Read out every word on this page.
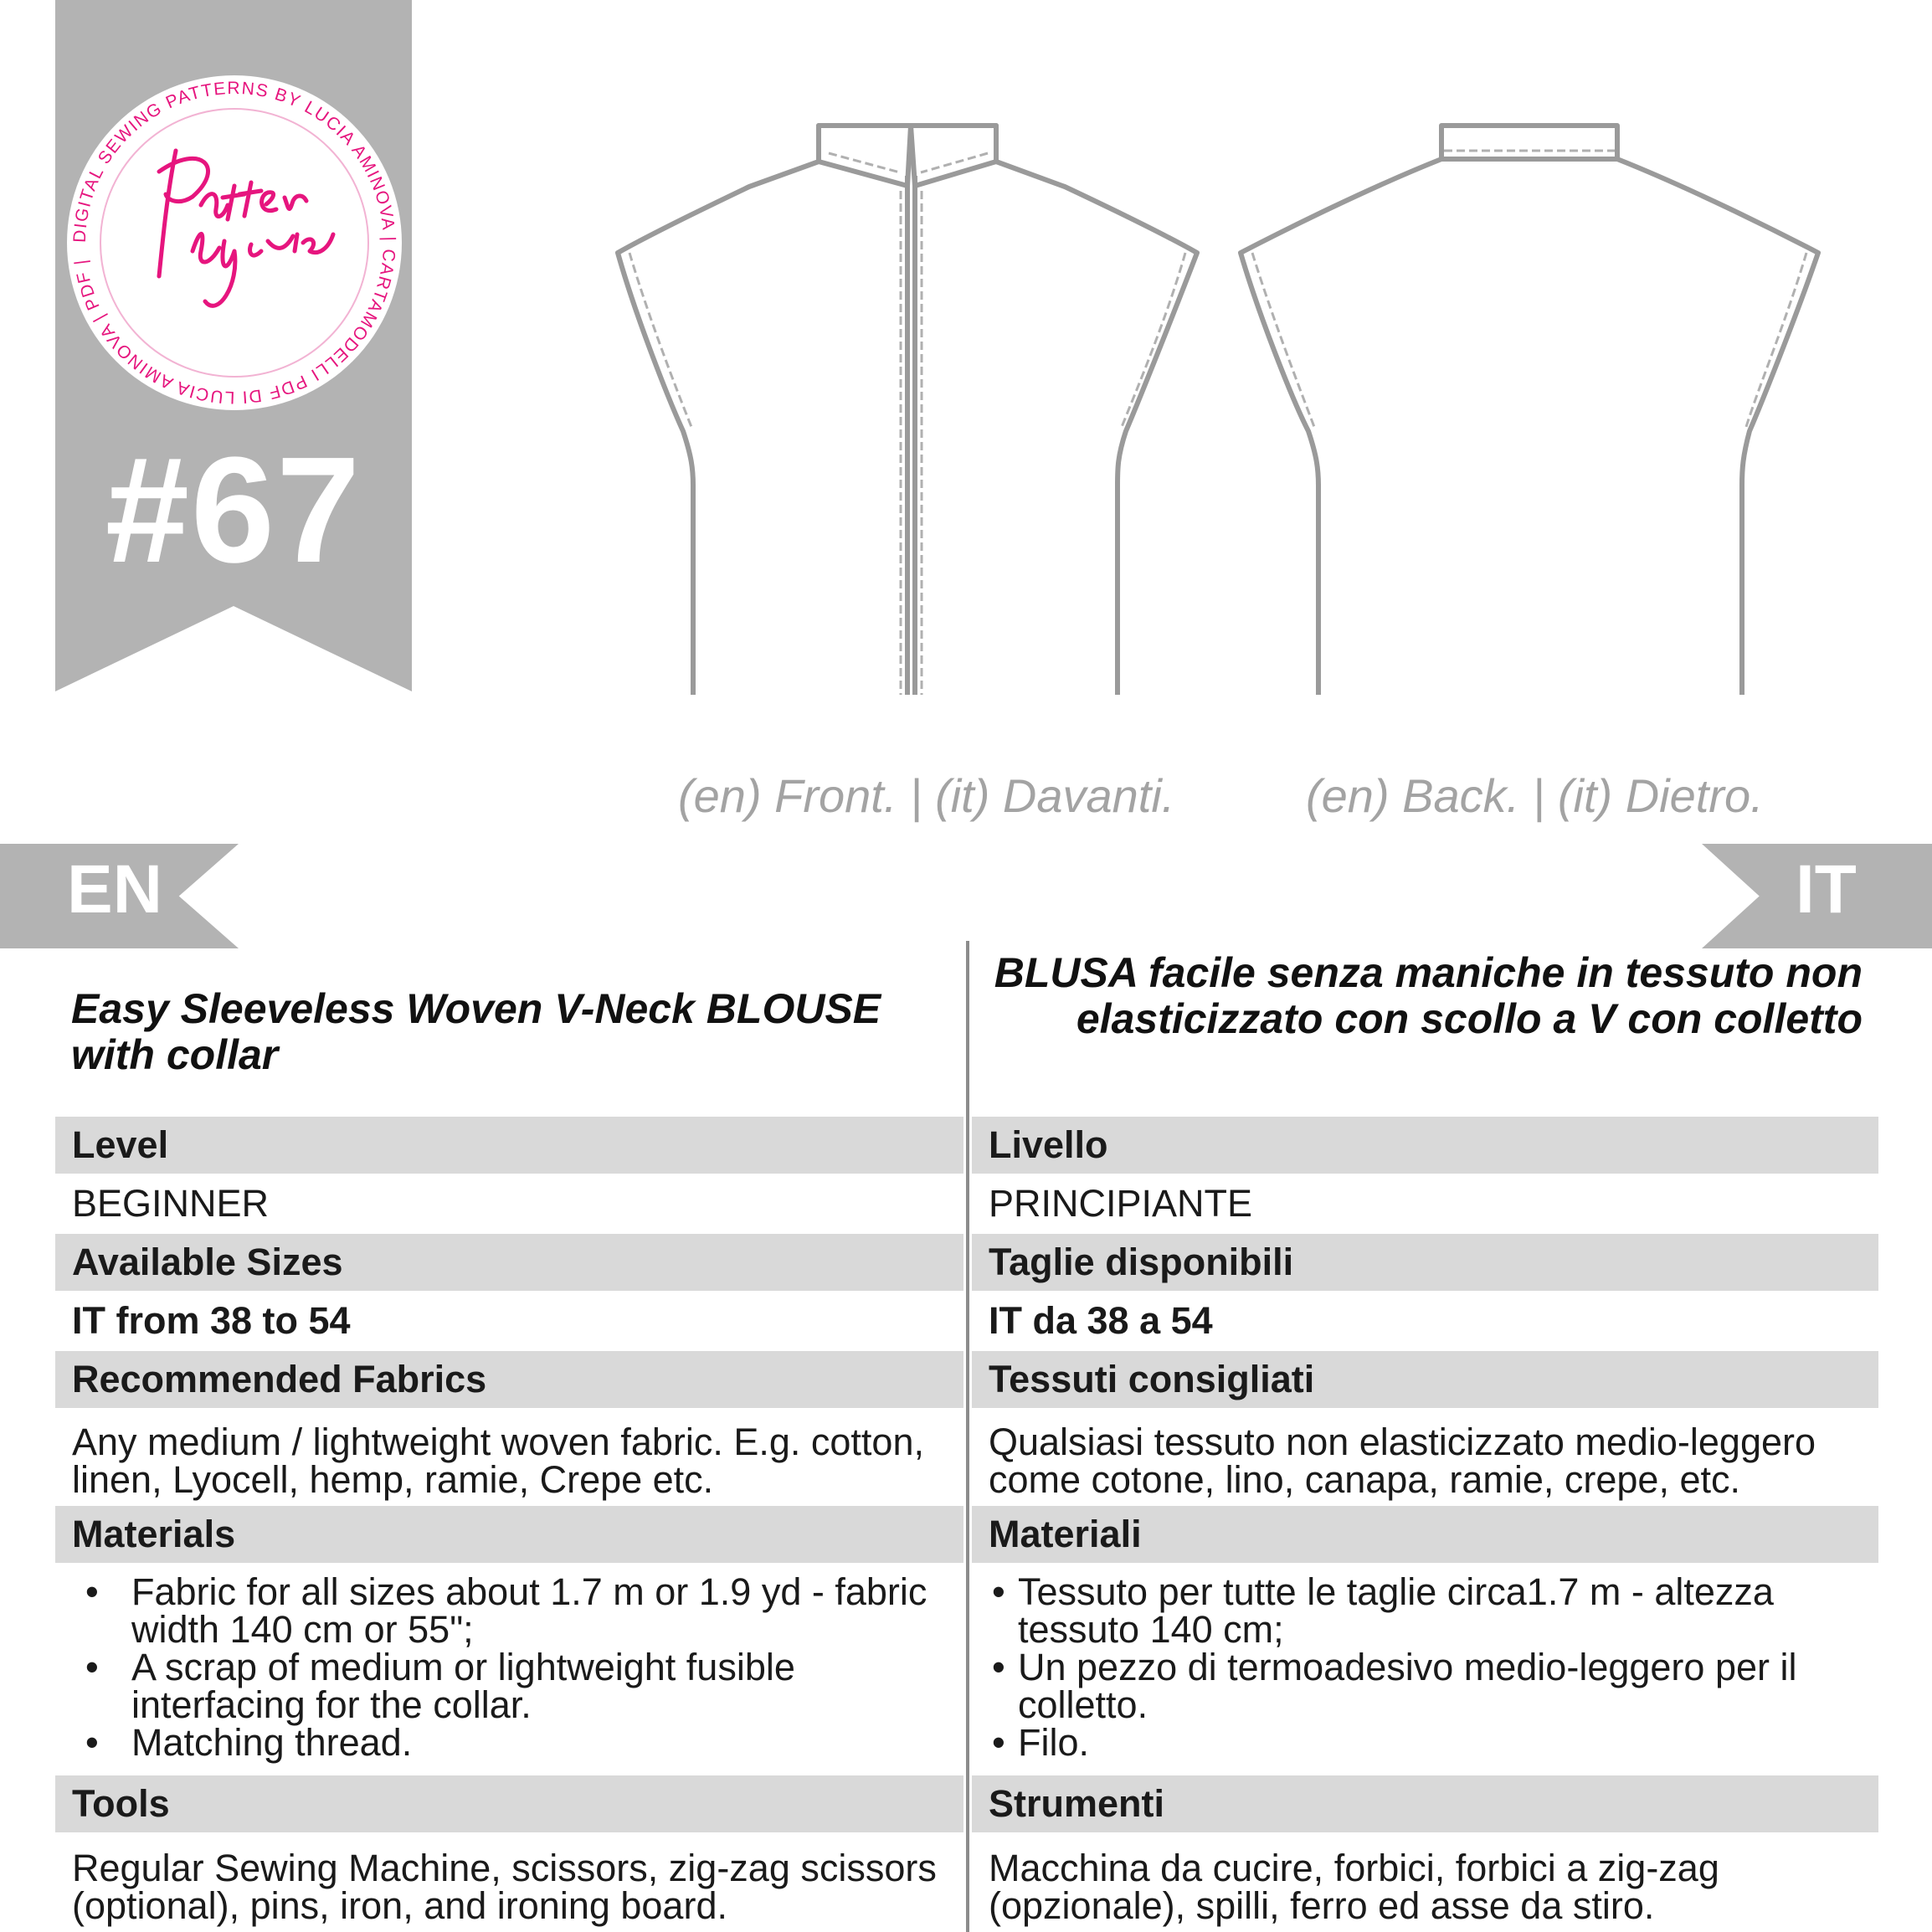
DIGITAL SEWING PATTERNS BY LUCIA AMINOVA | CARTAMODELLI PDF DI LUCIA AMINOVA | PDF |
#67
(en) Front. | (it) Davanti.	(en) Back. | (it) Dietro.
EN	IT
Easy Sleeveless Woven V-Neck BLOUSE with collar
BLUSA facile senza maniche in tessuto non elasticizzato con scollo a V con colletto
Level
BEGINNER
Available Sizes
IT from 38 to 54
Recommended Fabrics
Any medium / lightweight woven fabric. E.g. cotton, linen, Lyocell, hemp, ramie, Crepe etc.
Materials
• Fabric for all sizes about 1.7 m or 1.9 yd - fabric width 140 cm or 55";
• A scrap of medium or lightweight fusible interfacing for the collar.
• Matching thread.
Tools
Regular Sewing Machine, scissors, zig-zag scissors (optional), pins, iron, and ironing board.
Livello
PRINCIPIANTE
Taglie disponibili
IT da 38 a 54
Tessuti consigliati
Qualsiasi tessuto non elasticizzato medio-leggero come cotone, lino, canapa, ramie, crepe, etc.
Materiali
• Tessuto per tutte le taglie circa1.7 m - altezza tessuto 140 cm;
• Un pezzo di termoadesivo medio-leggero per il colletto.
• Filo.
Strumenti
Macchina da cucire, forbici, forbici a zig-zag (opzionale), spilli, ferro ed asse da stiro.
